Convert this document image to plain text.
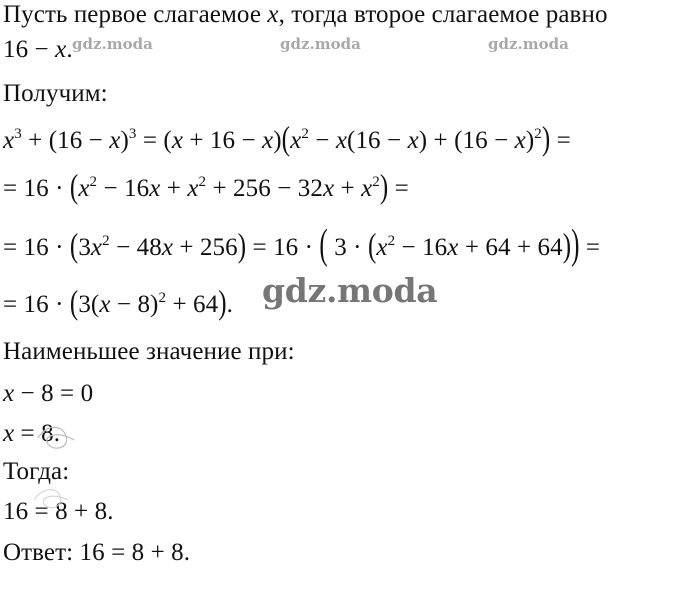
Пусть первое слагаемое x, тогда второе слагаемое равно
16 − x.
Получим:
$x^3 + (16 - x)^3 = (x + 16 - x)(x^2 - x(16 - x) + (16 - x)^2)$ =
= $16 \cdot (x^2 - 16x + x^2 + 256 - 32x + x^2)$ =
= $16 \cdot (3x^2 - 48x + 256) = 16$ · ( $3 \cdot (x^2 - 16x + 64 + 64)$) =
= $16 \cdot (3(x - 8)^2 + 64)$.
Наименьшее значение при:
x − 8 = 0
x = 8.
Тогда:
16 = 8 + 8.
Ответ: 16 = 8 + 8.
gdz.moda	gdz.moda	gdz.moda
gdz.moda
